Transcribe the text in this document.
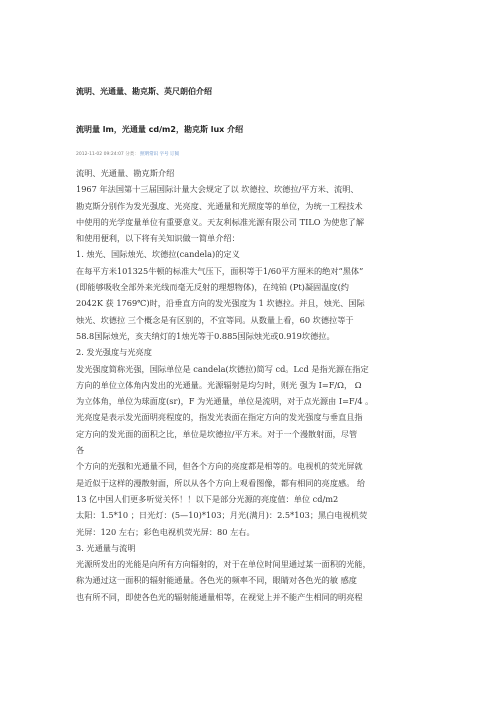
流明、光通量、勘克斯、英尺朗伯介绍
流明量 lm，光通量 cd/m2，勘克斯 lux 介绍
2012-11-02 09:24:07 分类： 照明常识 字号 订阅
流明、光通量、勘克斯介绍
1967 年法国第十三届国际计量大会规定了以 坎德拉、坎德拉/平方米、流明、
勘克斯分别作为发光强度、光亮度、光通量和光照度等的单位，为统一工程技术
中使用的光学度量单位有重要意义。天友利标准光源有限公司 TILO 为使您了解
和使用便利，以下将有关知识做一简单介绍：
1. 烛光、国际烛光、坎德拉(candela)的定义
在每平方米101325牛顿的标准大气压下，面积等于1/60平方厘米的绝对“黑体”
(即能够吸收全部外来光线而毫无反射的理想物体)，在纯铂 (Pt)凝固温度(约
2042K 获 1769℃)时，沿垂直方向的发光强度为 1 坎德拉。并且，烛光、国际
烛光、坎德拉 三个概念是有区别的，不宜等同。从数量上看，60 坎德拉等于
58.8国际烛光，亥夫纳灯的1烛光等于0.885国际烛光或0.919坎德拉。
2. 发光强度与光亮度
发光强度简称光强，国际单位是 candela(坎德拉)简写 cd。Lcd 是指光源在指定
方向的单位立体角内发出的光通量。光源辐射是均匀时，则光 强为 I=F/Ω， Ω
为立体角，单位为球面度(sr)，F 为光通量，单位是流明，对于点光源由 I=F/4 。
光亮度是表示发光面明亮程度的，指发光表面在指定方向的发光强度与垂直且指
定方向的发光面的面积之比，单位是坎德拉/平方米。对于一个漫散射面，尽管
各
个方向的光强和光通量不同，但各个方向的亮度都是相等的。电视机的荧光屏就
是近似于这样的漫散射面，所以从各个方向上观看图像，都有相同的亮度感。 给
13 亿中国人们更多听觉关怀！！以下是部分光源的亮度值：单位 cd/m2
太阳：1.5*10 ；日光灯：(5—10)*103；月光(满月)：2.5*103；黑白电视机荧
光屏：120 左右；彩色电视机荧光屏：80 左右。
3. 光通量与流明
光源所发出的光能是向所有方向辐射的，对于在单位时间里通过某一面积的光能，
称为通过这一面积的辐射能通量。各色光的频率不同，眼睛对各色光的敏 感度
也有所不同，即使各色光的辐射能通量相等，在视觉上并不能产生相同的明亮程
